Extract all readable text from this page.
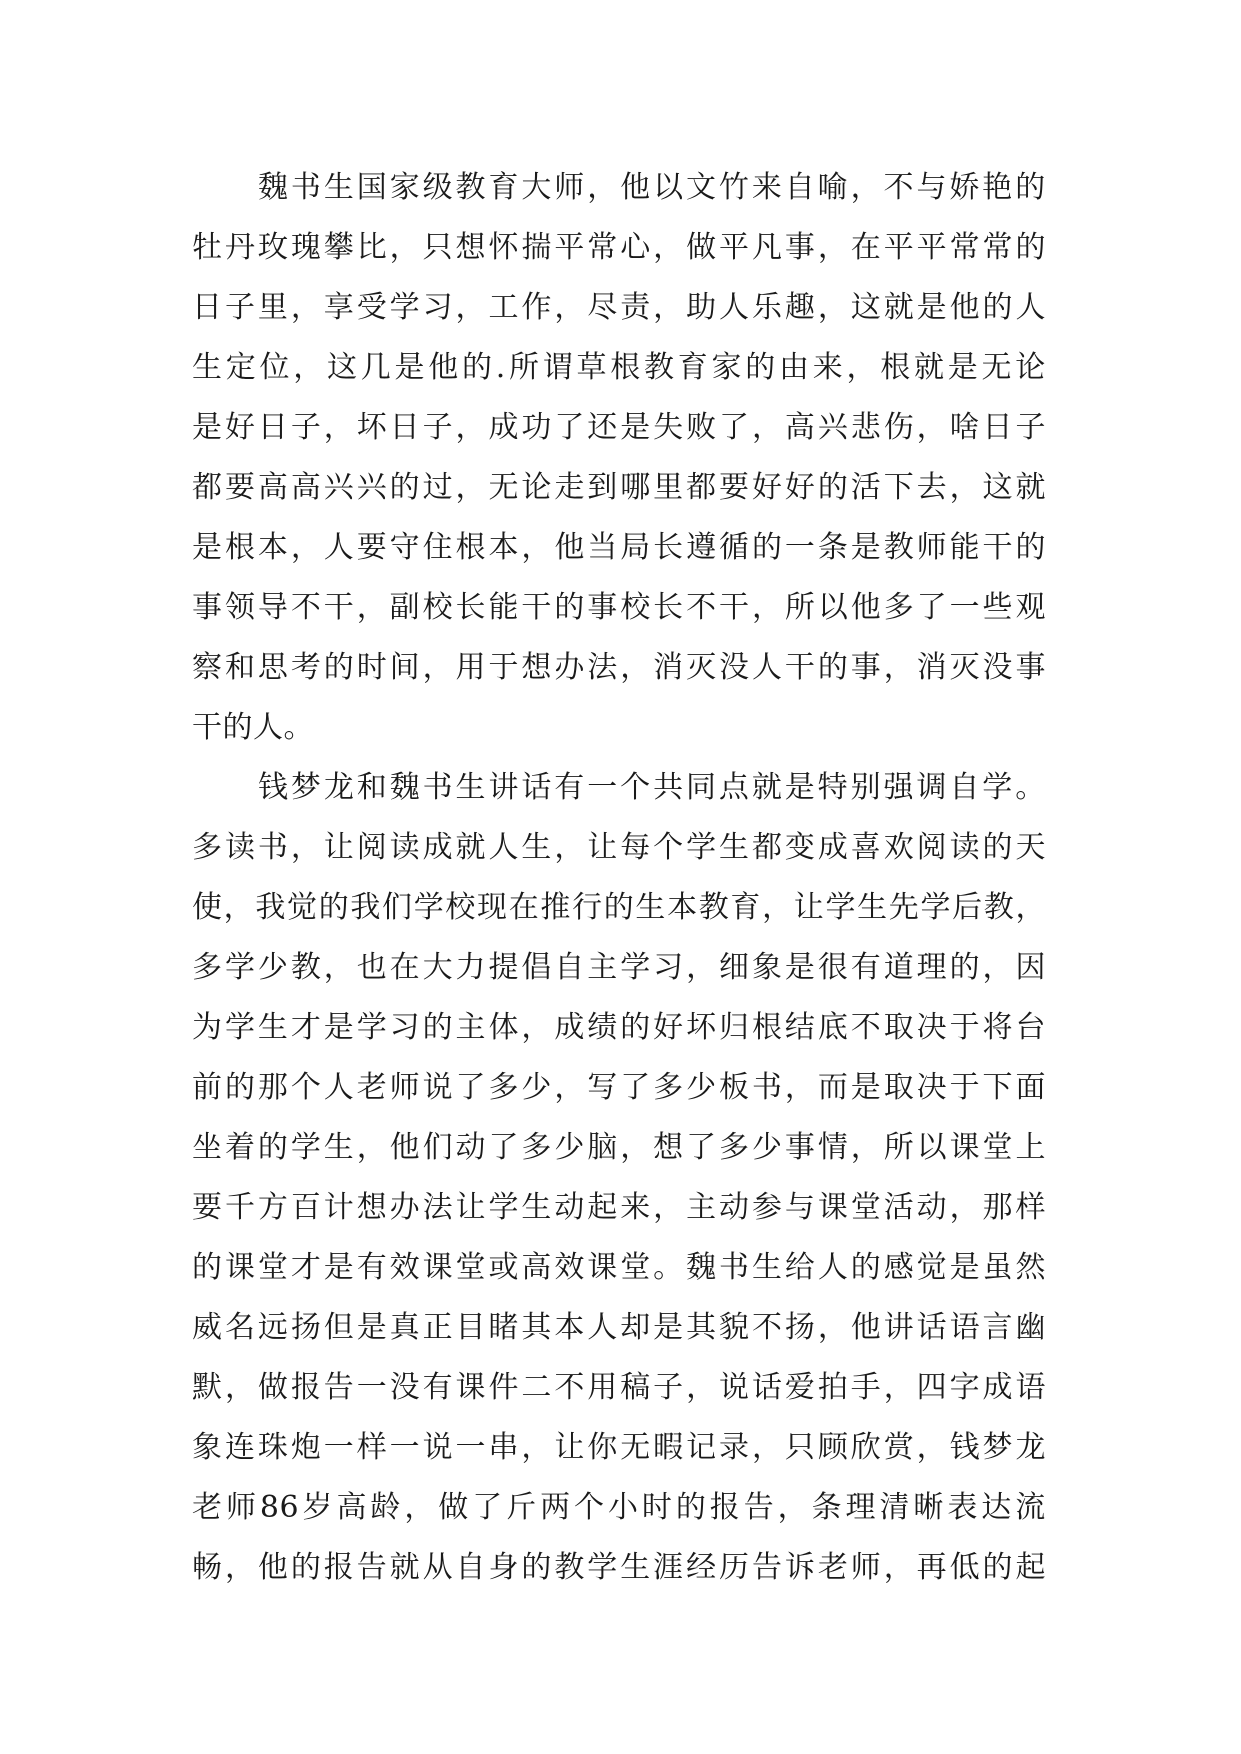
魏 书 生 国 家 级 教 育 大 师 ， 他 以 文 竹 来 自 喻 ， 不 与 娇 艳 的
牡 丹 玫 瑰 攀 比 ， 只 想 怀 揣 平 常 心 ， 做 平 凡 事 ， 在 平 平 常 常 的
日 子 里 ， 享 受 学 习 ， 工 作 ， 尽 责 ， 助 人 乐 趣 ， 这 就 是 他 的 人
生 定 位 ， 这 几 是 他 的 . 所 谓 草 根 教 育 家 的 由 来 ， 根 就 是 无 论
是 好 日 子 ， 坏 日 子 ， 成 功 了 还 是 失 败 了 ， 高 兴 悲 伤 ， 啥 日 子
都 要 高 高 兴 兴 的 过 ， 无 论 走 到 哪 里 都 要 好 好 的 活 下 去 ， 这 就
是 根 本 ， 人 要 守 住 根 本 ， 他 当 局 长 遵 循 的 一 条 是 教 师 能 干 的
事 领 导 不 干 ， 副 校 长 能 干 的 事 校 长 不 干 ， 所 以 他 多 了 一 些 观
察 和 思 考 的 时 间 ， 用 于 想 办 法 ， 消 灭 没 人 干 的 事 ， 消 灭 没 事
干的人。
钱 梦 龙 和 魏 书 生 讲 话 有 一 个 共 同 点 就 是 特 别 强 调 自 学 。
多 读 书 ， 让 阅 读 成 就 人 生 ， 让 每 个 学 生 都 变 成 喜 欢 阅 读 的 天
使 ， 我 觉 的 我 们 学 校 现 在 推 行 的 生 本 教 育 ， 让 学 生 先 学 后 教 ，
多 学 少 教 ， 也 在 大 力 提 倡 自 主 学 习 ， 细 象 是 很 有 道 理 的 ， 因
为 学 生 才 是 学 习 的 主 体 ， 成 绩 的 好 坏 归 根 结 底 不 取 决 于 将 台
前 的 那 个 人 老 师 说 了 多 少 ， 写 了 多 少 板 书 ， 而 是 取 决 于 下 面
坐 着 的 学 生 ， 他 们 动 了 多 少 脑 ， 想 了 多 少 事 情 ， 所 以 课 堂 上
要 千 方 百 计 想 办 法 让 学 生 动 起 来 ， 主 动 参 与 课 堂 活 动 ， 那 样
的 课 堂 才 是 有 效 课 堂 或 高 效 课 堂 。 魏 书 生 给 人 的 感 觉 是 虽 然
威 名 远 扬 但 是 真 正 目 睹 其 本 人 却 是 其 貌 不 扬 ， 他 讲 话 语 言 幽
默 ， 做 报 告 一 没 有 课 件 二 不 用 稿 子 ， 说 话 爱 拍 手 ， 四 字 成 语
象 连 珠 炮 一 样 一 说 一 串 ， 让 你 无 暇 记 录 ， 只 顾 欣 赏 ， 钱 梦 龙
老 师 86 岁 高 龄 ， 做 了 斤 两 个 小 时 的 报 告 ， 条 理 清 晰 表 达 流
畅 ， 他 的 报 告 就 从 自 身 的 教 学 生 涯 经 历 告 诉 老 师 ， 再 低 的 起
